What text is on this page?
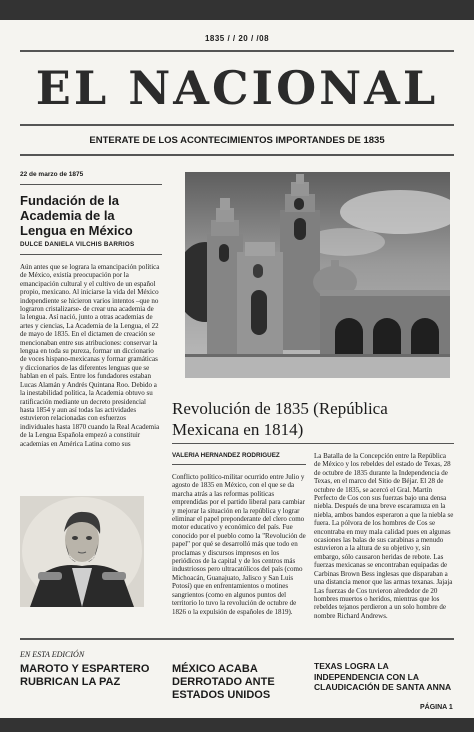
1835 / / 20 / /08
EL NACIONAL
ENTERATE DE LOS ACONTECIMIENTOS IMPORTANDES DE 1835
22 de marzo de 1875
Fundación de la Academia de la Lengua en México
DULCE DANIELA VILCHIS BARRIOS
Aún antes que se lograra la emancipación política de México, existía preocupación por la emancipación cultural y el cultivo de un español propio, mexicano. Al iniciarse la vida del México independiente se hicieron varios intentos –que no lograron cristalizarse- de crear una academia de la lengua. Así nació, junto a otras academias de artes y ciencias, La Academia de la Lengua, el 22 de mayo de 1835. En el dictamen de creación se mencionaban entre sus atribuciones: conservar la lengua en toda su pureza, formar un diccionario de voces hispano-mexicanas y formar gramáticas y diccionarios de las diferentes lenguas que se hablan en el país. Entre los fundadores estaban Lucas Alamán y Andrés Quintana Roo. Debido a la inestabilidad política, la Academia obtuvo su ratificación mediante un decreto presidencial hasta 1854 y aun así todas las actividades estuvieron relacionadas con esfuerzos individuales hasta 1870 cuando la Real Academia de la Lengua Española empezó a constituir academias en América Latina como sus
Revolución de 1835 (República Mexicana en 1814)
VALERIA HERNANDEZ RODRIGUEZ
Conflicto político-militar ocurrido entre Julio y agosto de 1835 en México, con el que se da marcha atrás a las reformas políticas emprendidas por el partido liberal para cambiar y mejorar la situación en la república y lograr eliminar el papel preponderante del clero como motor educativo y económico del país. Fue conocido por el pueblo como la "Revolución de papel" por qué se desarrolló más que todo en proclamas y discursos impresos en los periódicos de la capital y de los centros más industriosos pero ultracatólicos del país (como Michoacán, Guanajuato, Jalisco y San Luis Potosí) que en enfrentamientos o motines sangrientos (como en algunos puntos del territorio lo tuvo la revolución de octubre de 1826 o la expulsión de españoles de 1819).
La Batalla de la Concepción entre la República de México y los rebeldes del estado de Texas, 28 de octubre de 1835 durante la Independencia de Texas, en el marco del Sitio de Béjar. El 28 de octubre de 1835, se acercó el Gral. Martín Perfecto de Cos con sus fuerzas bajo una densa niebla. Después de una breve escaramuza en la niebla, ambos bandos esperaron a que la niebla se fuera. La pólvora de los hombres de Cos se encontraba en muy mala calidad pues en algunas ocasiones las balas de sus carabinas a menudo estuvieron a la altura de su objetivo y, sin embargo, sólo causaron heridas de rebote. Las fuerzas mexicanas se encontraban equipadas de Carbinas Brown Bess inglesas que disparaban a una distancia menor que las armas texanas. Jajaja Las fuerzas de Cos tuvieron alrededor de 20 hombres muertos o heridos, mientras que los rebeldes tejanos perdieron a un solo hombre de nombre Richard Andrews.
EN ESTA EDICIÓN
MAROTO Y ESPARTERO RUBRICAN LA PAZ
MÉXICO ACABA DERROTADO ANTE ESTADOS UNIDOS
TEXAS LOGRA LA INDEPENDENCIA CON LA CLAUDICACIÓN DE SANTA ANNA
PÁGINA 1
